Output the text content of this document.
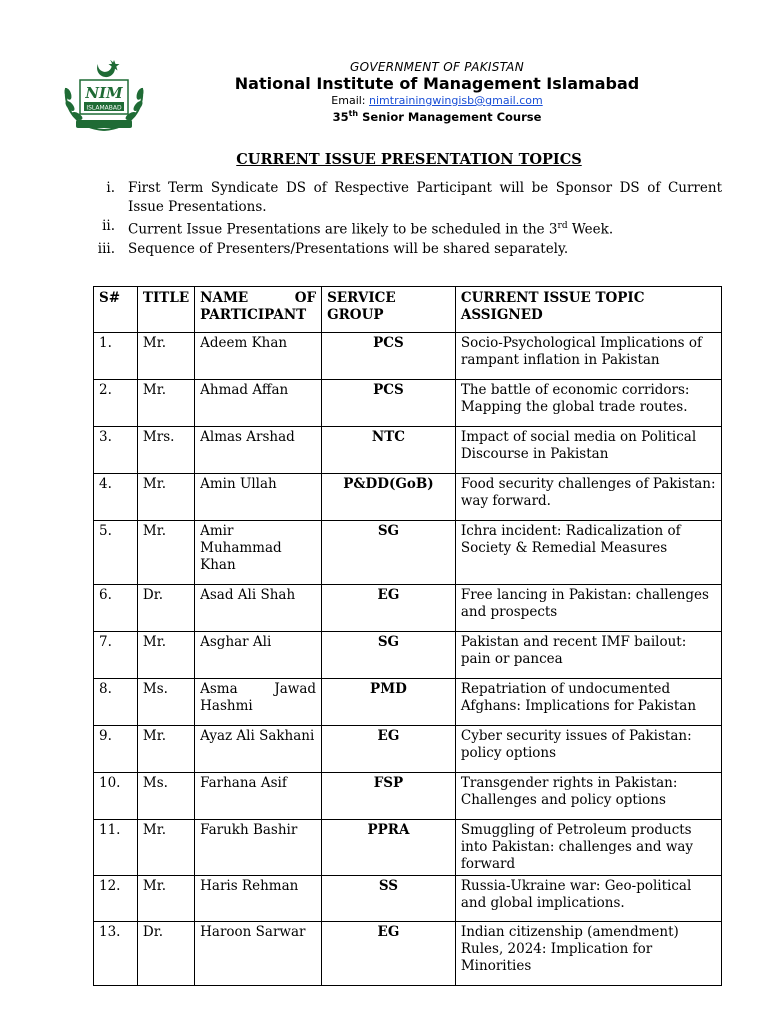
NIM
ISLAMABAD
GOVERNMENT OF PAKISTAN
National Institute of Management Islamabad
Email: nimtrainingwingisb@gmail.com
35th Senior Management Course
CURRENT ISSUE PRESENTATION TOPICS
i. First Term Syndicate DS of Respective Participant will be Sponsor DS of Current Issue Presentations.
ii. Current Issue Presentations are likely to be scheduled in the 3rd Week.
iii. Sequence of Presenters/Presentations will be shared separately.
S#	TITLE	NAME OF PARTICIPANT	SERVICE GROUP	CURRENT ISSUE TOPIC ASSIGNED
1.	Mr.	Adeem Khan	PCS	Socio-Psychological Implications of rampant inflation in Pakistan
2.	Mr.	Ahmad Affan	PCS	The battle of economic corridors: Mapping the global trade routes.
3.	Mrs.	Almas Arshad	NTC	Impact of social media on Political Discourse in Pakistan
4.	Mr.	Amin Ullah	P&DD(GoB)	Food security challenges of Pakistan: way forward.
5.	Mr.	Amir Muhammad Khan	SG	Ichra incident: Radicalization of Society & Remedial Measures
6.	Dr.	Asad Ali Shah	EG	Free lancing in Pakistan: challenges and prospects
7.	Mr.	Asghar Ali	SG	Pakistan and recent IMF bailout: pain or pancea
8.	Ms.	Asma Jawad Hashmi	PMD	Repatriation of undocumented Afghans: Implications for Pakistan
9.	Mr.	Ayaz Ali Sakhani	EG	Cyber security issues of Pakistan: policy options
10.	Ms.	Farhana Asif	FSP	Transgender rights in Pakistan: Challenges and policy options
11.	Mr.	Farukh Bashir	PPRA	Smuggling of Petroleum products into Pakistan: challenges and way forward
12.	Mr.	Haris Rehman	SS	Russia-Ukraine war: Geo-political and global implications.
13.	Dr.	Haroon Sarwar	EG	Indian citizenship (amendment) Rules, 2024: Implication for Minorities
